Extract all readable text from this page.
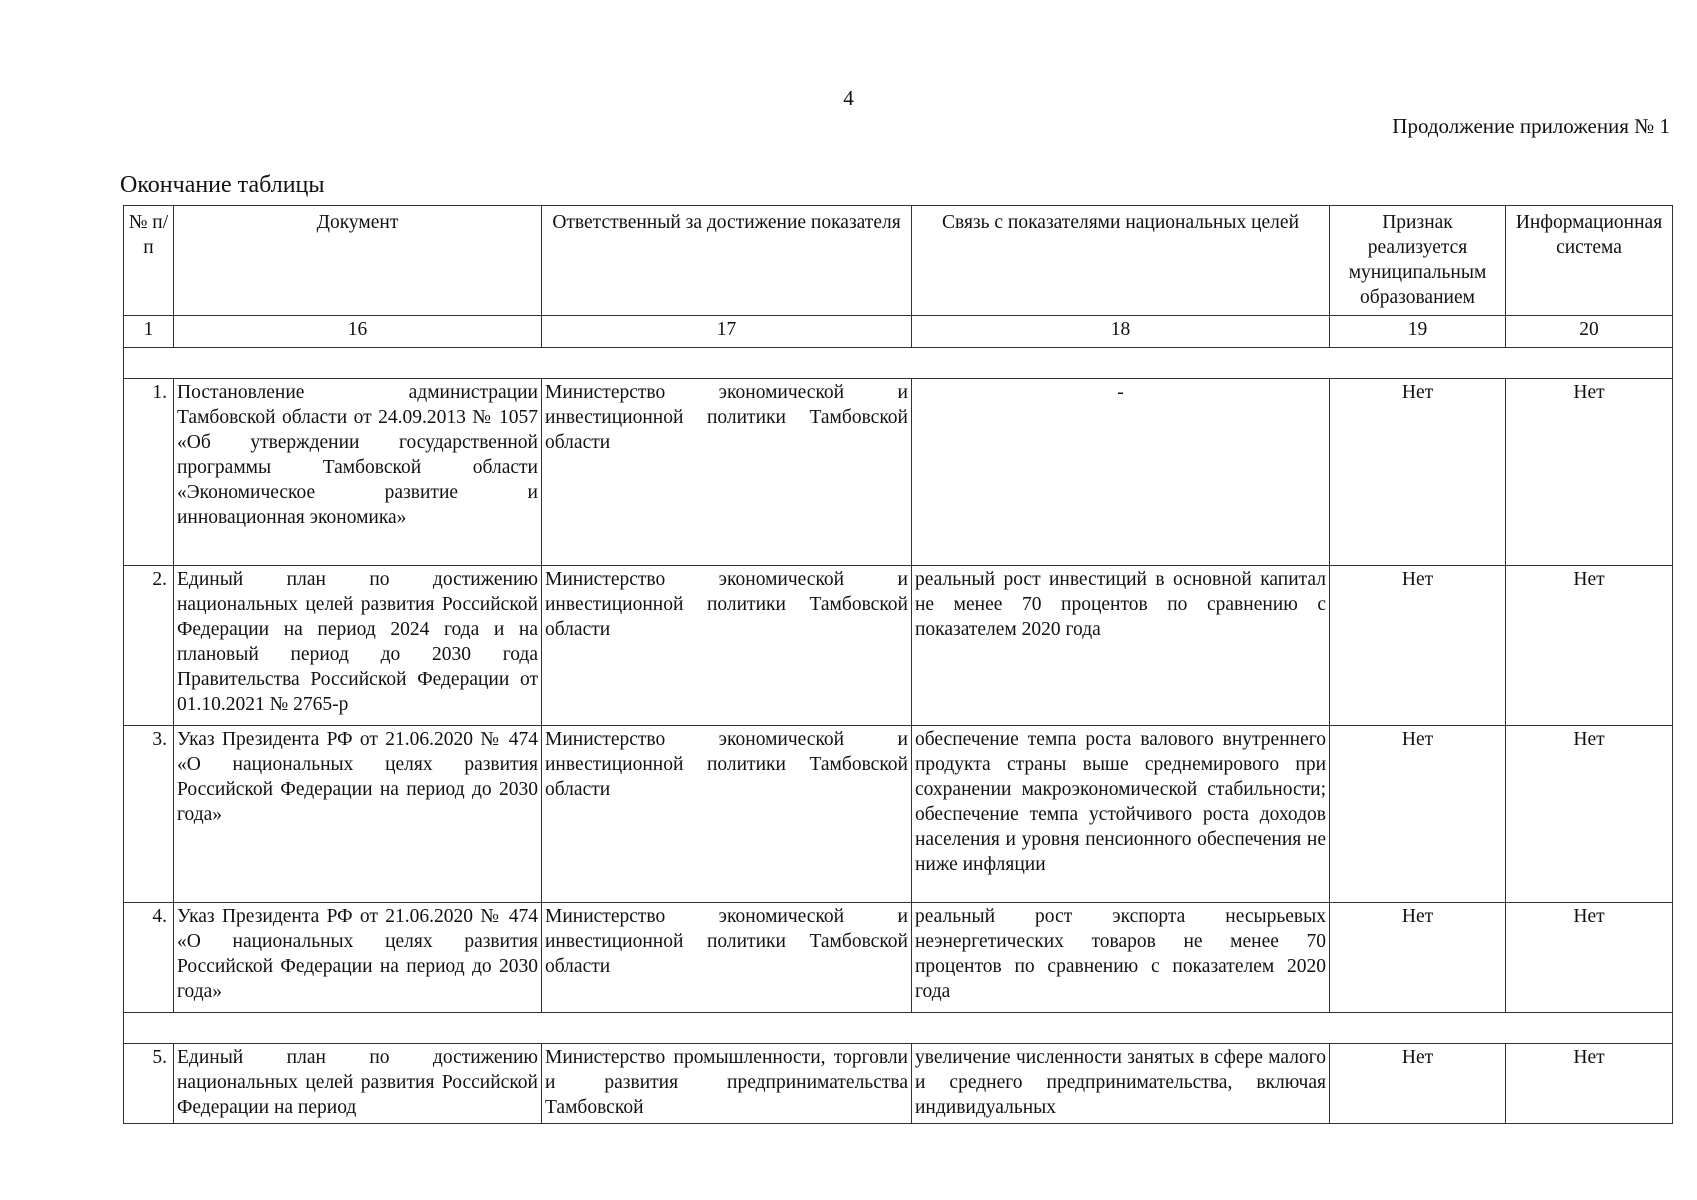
4
Продолжение приложения № 1
Окончание таблицы
№ п/п	Документ	Ответственный за достижение показателя	Связь с показателями национальных целей	Признак реализуется муниципальным образованием	Информационная система
1	16	17	18	19	20

1.	Постановление администрации Тамбовской области от 24.09.2013 № 1057 «Об утверждении государственной программы Тамбовской области «Экономическое развитие и инновационная экономика»	Министерство экономической и инвестиционной политики Тамбовской области	-	Нет	Нет
2.	Единый план по достижению национальных целей развития Российской Федерации на период 2024 года и на плановый период до 2030 года Правительства Российской Федерации от 01.10.2021 № 2765-р	Министерство экономической и инвестиционной политики Тамбовской области	реальный рост инвестиций в основной капитал не менее 70 процентов по сравнению с показателем 2020 года	Нет	Нет
3.	Указ Президента РФ от 21.06.2020 № 474 «О национальных целях развития Российской Федерации на период до 2030 года»	Министерство экономической и инвестиционной политики Тамбовской области	обеспечение темпа роста валового внутреннего продукта страны выше среднемирового при сохранении макроэкономической стабильности; обеспечение темпа устойчивого роста доходов населения и уровня пенсионного обеспечения не ниже инфляции	Нет	Нет
4.	Указ Президента РФ от 21.06.2020 № 474 «О национальных целях развития Российской Федерации на период до 2030 года»	Министерство экономической и инвестиционной политики Тамбовской области	реальный рост экспорта несырьевых неэнергетических товаров не менее 70 процентов по сравнению с показателем 2020 года	Нет	Нет

5.	Единый план по достижению национальных целей развития Российской Федерации на период	Министерство промышленности, торговли и развития предпринимательства Тамбовской	увеличение численности занятых в сфере малого и среднего предпринимательства, включая индивидуальных	Нет	Нет
